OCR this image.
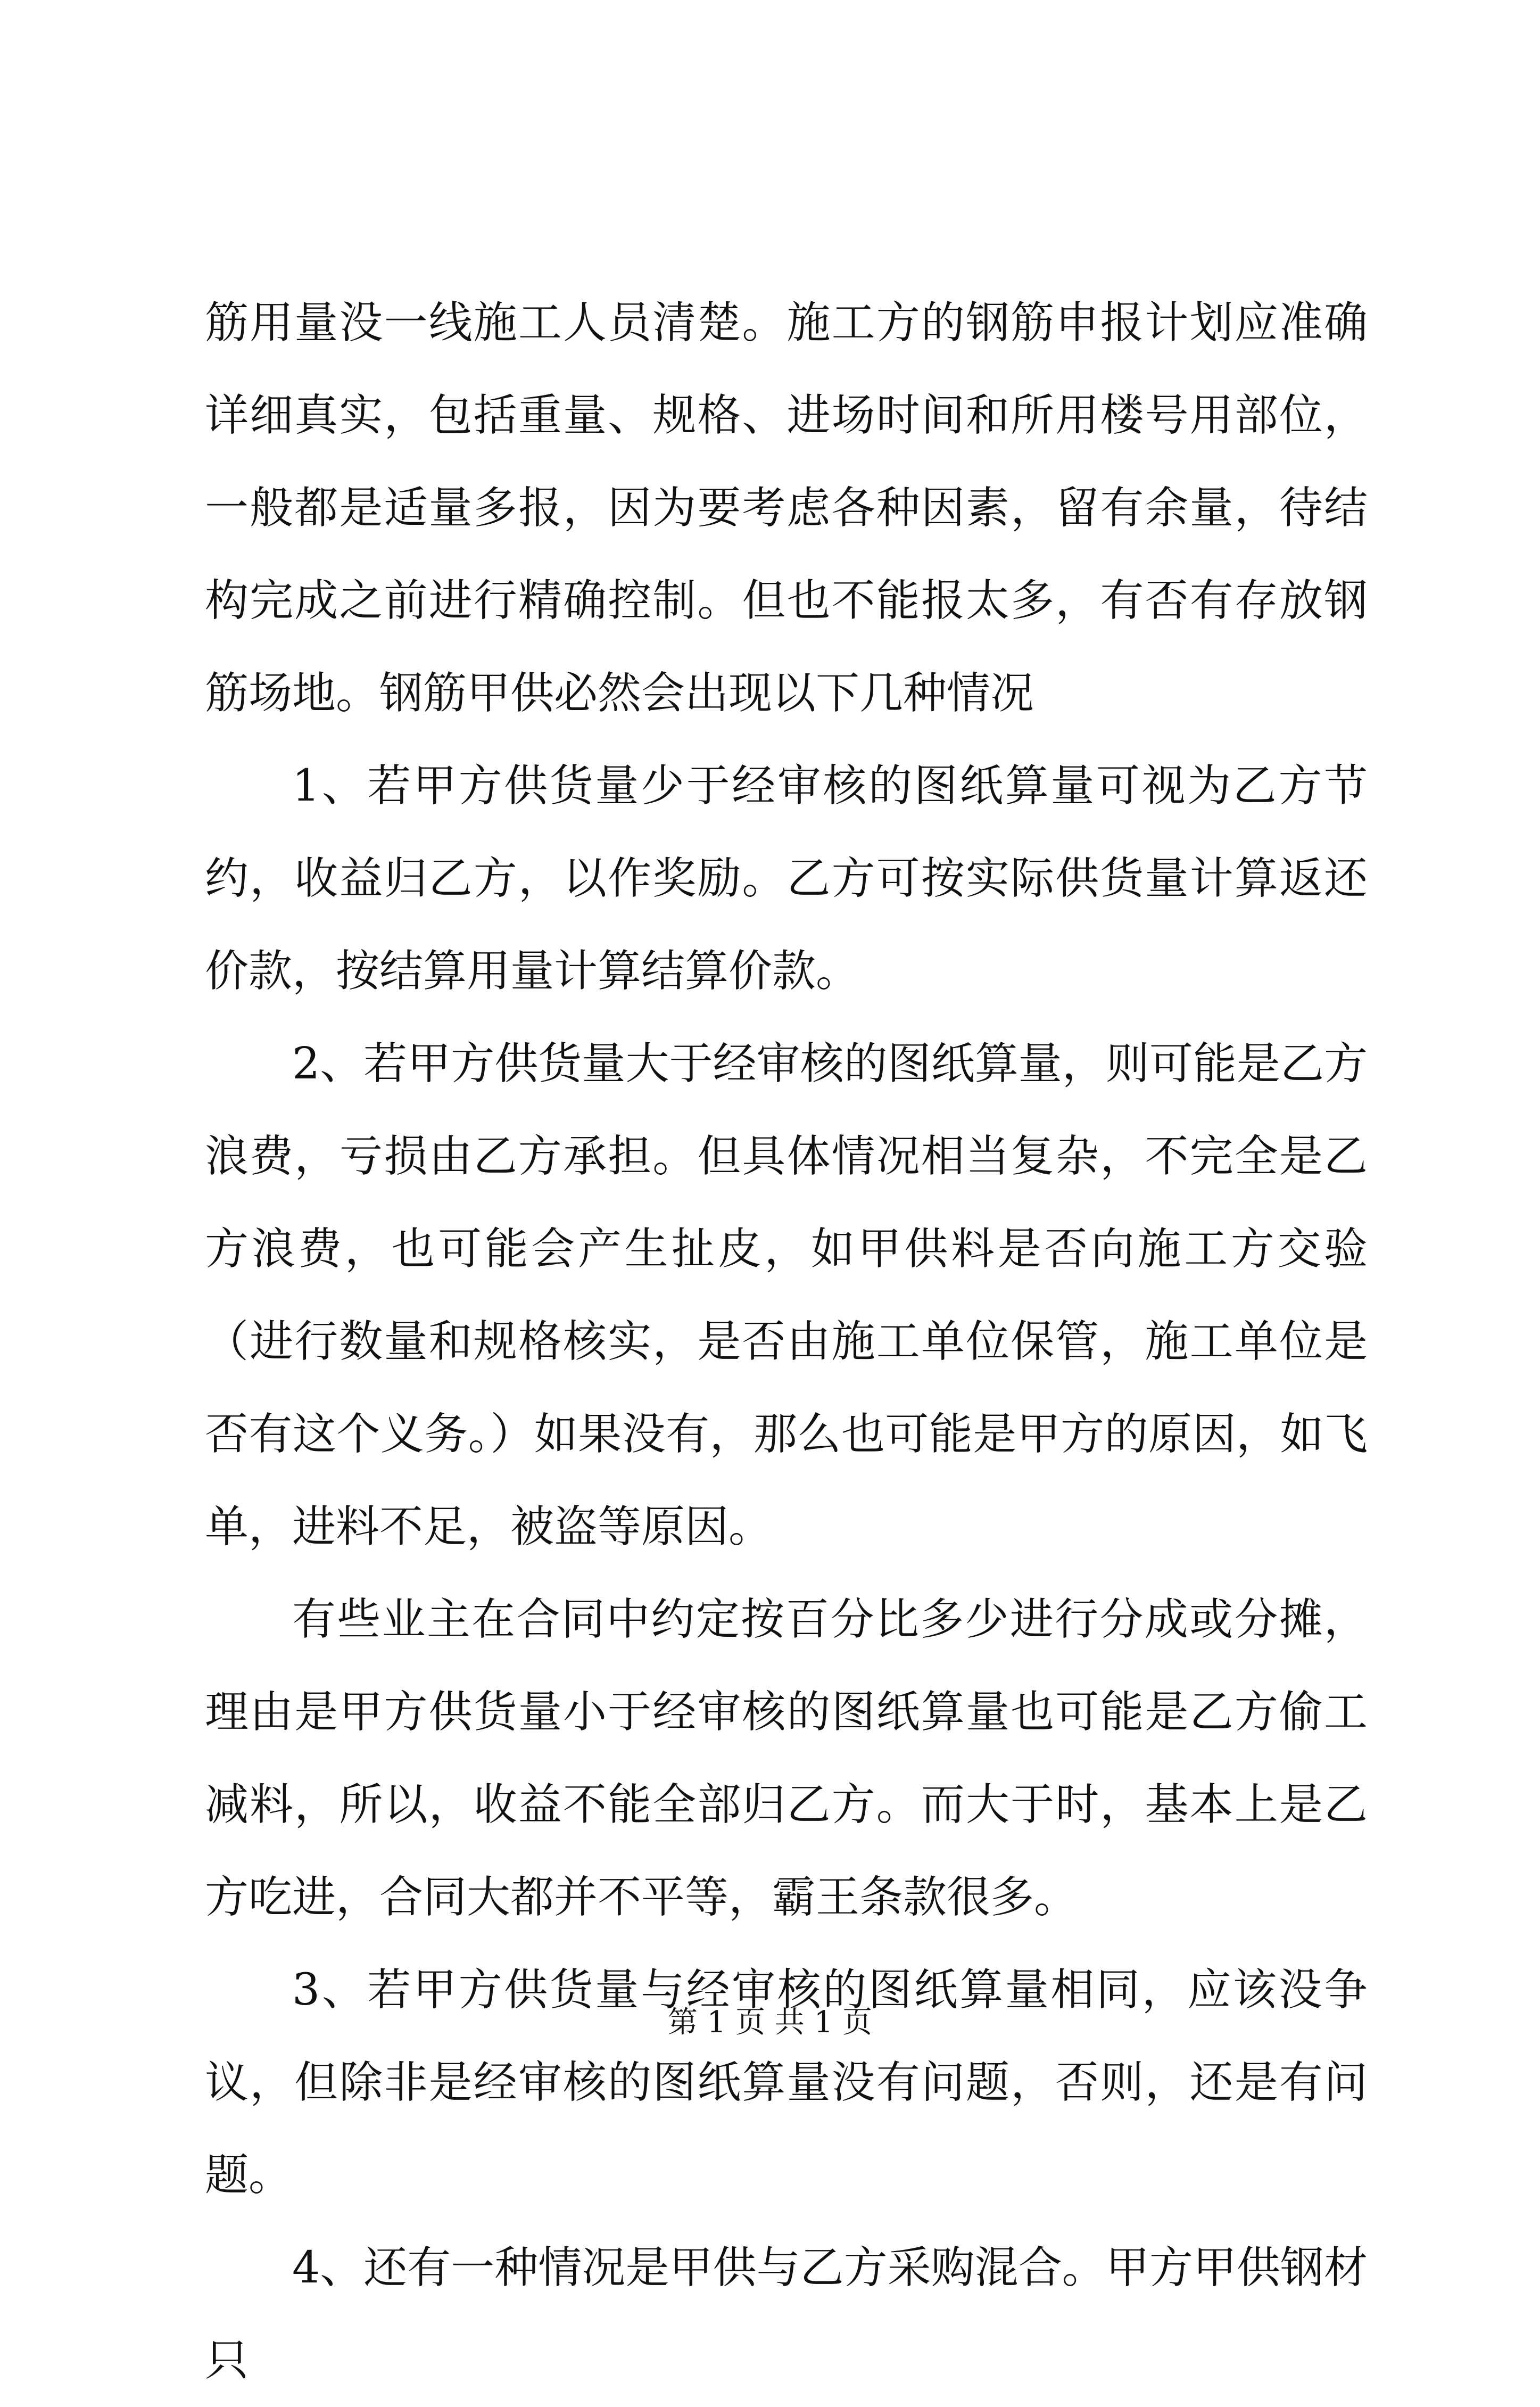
筋用量没一线施工人员清楚。施工方的钢筋申报计划应准确详细真实，包括重量、规格、进场时间和所用楼号用部位，一般都是适量多报，因为要考虑各种因素，留有余量，待结构完成之前进行精确控制。但也不能报太多，有否有存放钢筋场地。钢筋甲供必然会出现以下几种情况

1、若甲方供货量少于经审核的图纸算量可视为乙方节约，收益归乙方，以作奖励。乙方可按实际供货量计算返还价款，按结算用量计算结算价款。

2、若甲方供货量大于经审核的图纸算量，则可能是乙方浪费，亏损由乙方承担。但具体情况相当复杂，不完全是乙方浪费，也可能会产生扯皮，如甲供料是否向施工方交验（进行数量和规格核实，是否由施工单位保管，施工单位是否有这个义务。）如果没有，那么也可能是甲方的原因，如飞单，进料不足，被盗等原因。

有些业主在合同中约定按百分比多少进行分成或分摊，理由是甲方供货量小于经审核的图纸算量也可能是乙方偷工减料，所以，收益不能全部归乙方。而大于时，基本上是乙方吃进，合同大都并不平等，霸王条款很多。

3、若甲方供货量与经审核的图纸算量相同，应该没争议，但除非是经审核的图纸算量没有问题，否则，还是有问题。

4、还有一种情况是甲供与乙方采购混合。甲方甲供钢材只

第 1 页 共 1 页
